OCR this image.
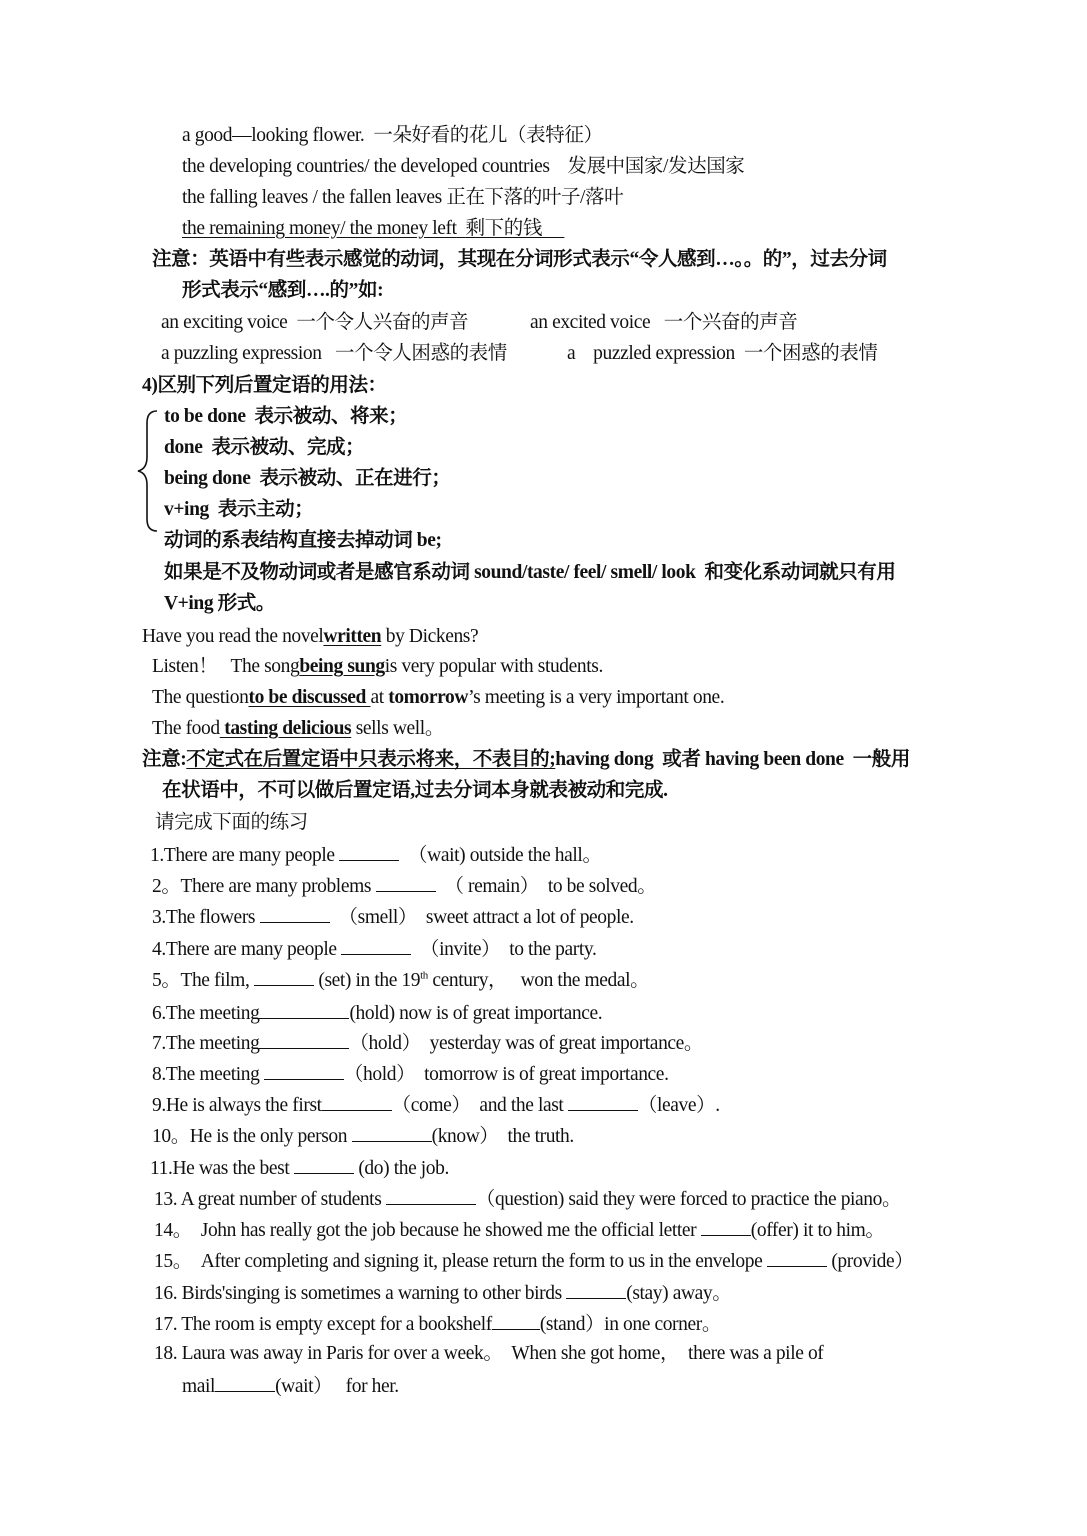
a good—looking flower. 一朵好看的花儿（表特征）
the developing countries/ the developed countries 发展中国家/发达国家
the falling leaves / the fallen leaves 正在下落的叶子/落叶
the remaining money/ the money left 剩下的钱
注意：英语中有些表示感觉的动词，其现在分词形式表示“令人感到…。。的”，过去分词
形式表示“感到….的”如:
an exciting voice 一个令人兴奋的声音	an excited voice 一个兴奋的声音
a puzzling expression 一个令人困惑的表情	a    puzzled expression 一个困惑的表情
4)区别下列后置定语的用法：
to be done 表示被动、将来；
done 表示被动、完成；
being done 表示被动、正在进行；
v+ing 表示主动；
动词的系表结构直接去掉动词 be;
如果是不及物动词或者是感官系动词 sound/taste/ feel/ smell/ look  和变化系动词就只有用
V+ing 形式。
Have you read the novelwritten by Dickens?
Listen！   The songbeing sungis very popular with students.
The questionto be discussed at tomorrow’s meeting is a very important one.
The food tasting delicious sells well。
注意:不定式在后置定语中只表示将来，不表目的;having dong  或者 having been done  一般用
在状语中，不可以做后置定语,过去分词本身就表被动和完成.
请完成下面的练习
1.There are many people	（wait) outside the hall。
2。There are many problems	（ remain）  to be solved。
3.The flowers	（smell）  sweet attract a lot of people.
4.There are many people	（invite）  to the party.
5。The film,	(set) in the 19th century，   won the medal。
6.The meeting	(hold) now is of great importance.
7.The meeting	（hold）  yesterday was of great importance。
8.The meeting	（hold）  tomorrow is of great importance.
9.He is always the first	（come）  and the last	（leave）.
10。He is the only person	(know）  the truth.
11.He was the best	(do) the job.
13. A great number of students	（question) said they were forced to practice the piano。
14。  John has really got the job because he showed me the official letter	(offer) it to him。
15。  After completing and signing it, please return the form to us in the envelope	(provide）
16. Birds'singing is sometimes a warning to other birds	(stay) away。
17. The room is empty except for a bookshelf (stand）in one corner。
18. Laura was away in Paris for over a week。  When she got home，  there was a pile of
mail	(wait）   for her.
